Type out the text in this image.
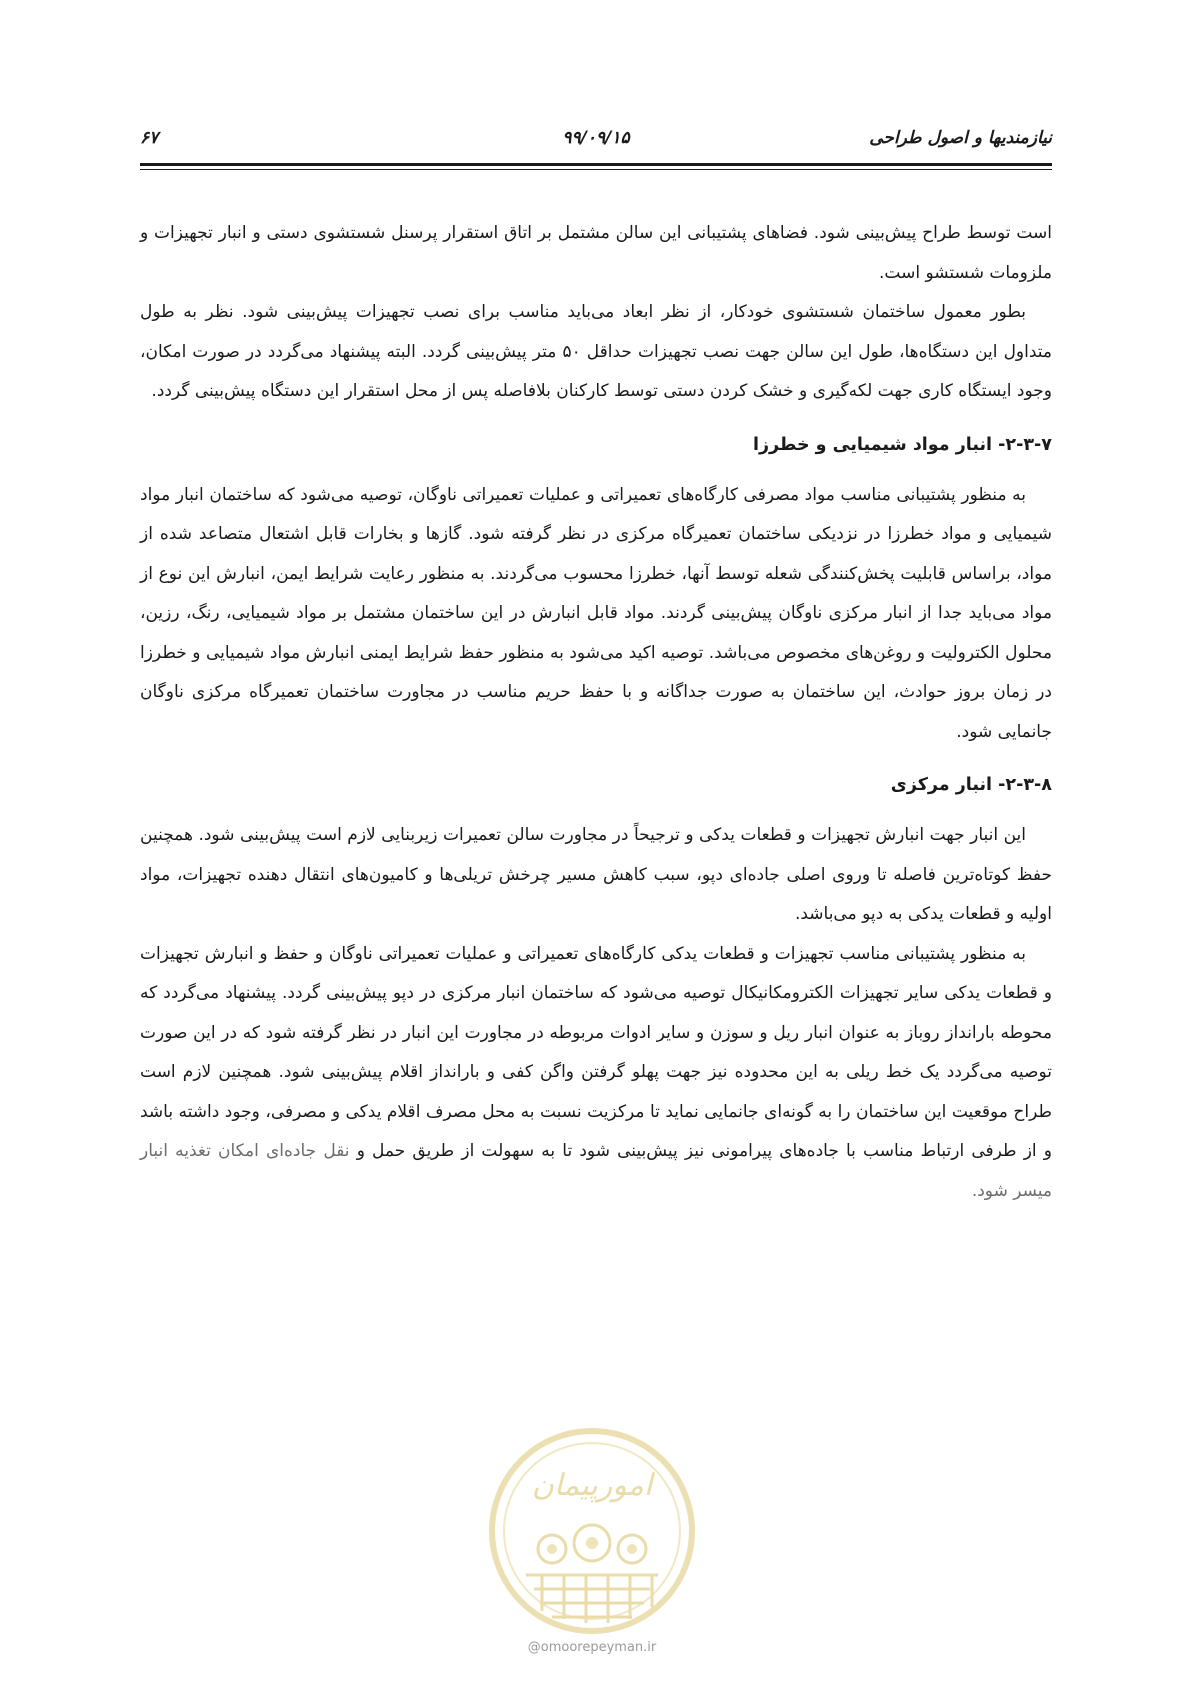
نیازمندیها و اصول طراحی
۹۹/۰۹/۱۵
۶۷

است توسط طراح پیش‌بینی شود. فضاهای پشتیبانی این سالن مشتمل بر اتاق استقرار پرسنل شستشوی دستی و انبار تجهیزات و ملزومات شستشو است.

بطور معمول ساختمان شستشوی خودکار، از نظر ابعاد می‌باید مناسب برای نصب تجهیزات پیش‌بینی شود. نظر به طول متداول این دستگاه‌ها، طول این سالن جهت نصب تجهیزات حداقل ۵۰ متر پیش‌بینی گردد. البته پیشنهاد می‌گردد در صورت امکان، وجود ایستگاه کاری جهت لکه‌گیری و خشک کردن دستی توسط کارکنان بلافاصله پس از محل استقرار این دستگاه پیش‌بینی گردد.

۲-۳-۷- انبار مواد شیمیایی و خطرزا

به منظور پشتیبانی مناسب مواد مصرفی کارگاه‌های تعمیراتی و عملیات تعمیراتی ناوگان، توصیه می‌شود که ساختمان انبار مواد شیمیایی و مواد خطرزا در نزدیکی ساختمان تعمیرگاه مرکزی در نظر گرفته شود. گازها و بخارات قابل اشتعال متصاعد شده از مواد، براساس قابلیت پخش‌کنندگی شعله توسط آنها، خطرزا محسوب می‌گردند. به منظور رعایت شرایط ایمن، انبارش این نوع از مواد می‌باید جدا از انبار مرکزی ناوگان پیش‌بینی گردند. مواد قابل انبارش در این ساختمان مشتمل بر مواد شیمیایی، رنگ، رزین، محلول الکترولیت و روغن‌های مخصوص می‌باشد. توصیه اکید می‌شود به منظور حفظ شرایط ایمنی انبارش مواد شیمیایی و خطرزا در زمان بروز حوادث، این ساختمان به صورت جداگانه و با حفظ حریم مناسب در مجاورت ساختمان تعمیرگاه مرکزی ناوگان جانمایی شود.

۲-۳-۸- انبار مرکزی

این انبار جهت انبارش تجهیزات و قطعات یدکی و ترجیحاً در مجاورت سالن تعمیرات زیربنایی لازم است پیش‌بینی شود. همچنین حفظ کوتاه‌ترین فاصله تا وروی اصلی جاده‌ای دپو، سبب کاهش مسیر چرخش تریلی‌ها و کامیون‌های انتقال دهنده تجهیزات، مواد اولیه و قطعات یدکی به دپو می‌باشد.

به منظور پشتیبانی مناسب تجهیزات و قطعات یدکی کارگاه‌های تعمیراتی و عملیات تعمیراتی ناوگان و حفظ و انبارش تجهیزات و قطعات یدکی سایر تجهیزات الکترومکانیکال توصیه می‌شود که ساختمان انبار مرکزی در دپو پیش‌بینی گردد. پیشنهاد می‌گردد که محوطه بارانداز روباز به عنوان انبار ریل و سوزن و سایر ادوات مربوطه در مجاورت این انبار در نظر گرفته شود که در این صورت توصیه می‌گردد یک خط ریلی به این محدوده نیز جهت پهلو گرفتن واگن کفی و بارانداز اقلام پیش‌بینی شود. همچنین لازم است طراح موقعیت این ساختمان را به گونه‌ای جانمایی نماید تا مرکزیت نسبت به محل مصرف اقلام یدکی و مصرفی، وجود داشته باشد و از طرفی ارتباط مناسب با جاده‌های پیرامونی نیز پیش‌بینی شود تا به سهولت از طریق حمل و نقل جاده‌ای امکان تغذیه انبار میسر شود.

امورپیمان
@omoorepeyman.ir
